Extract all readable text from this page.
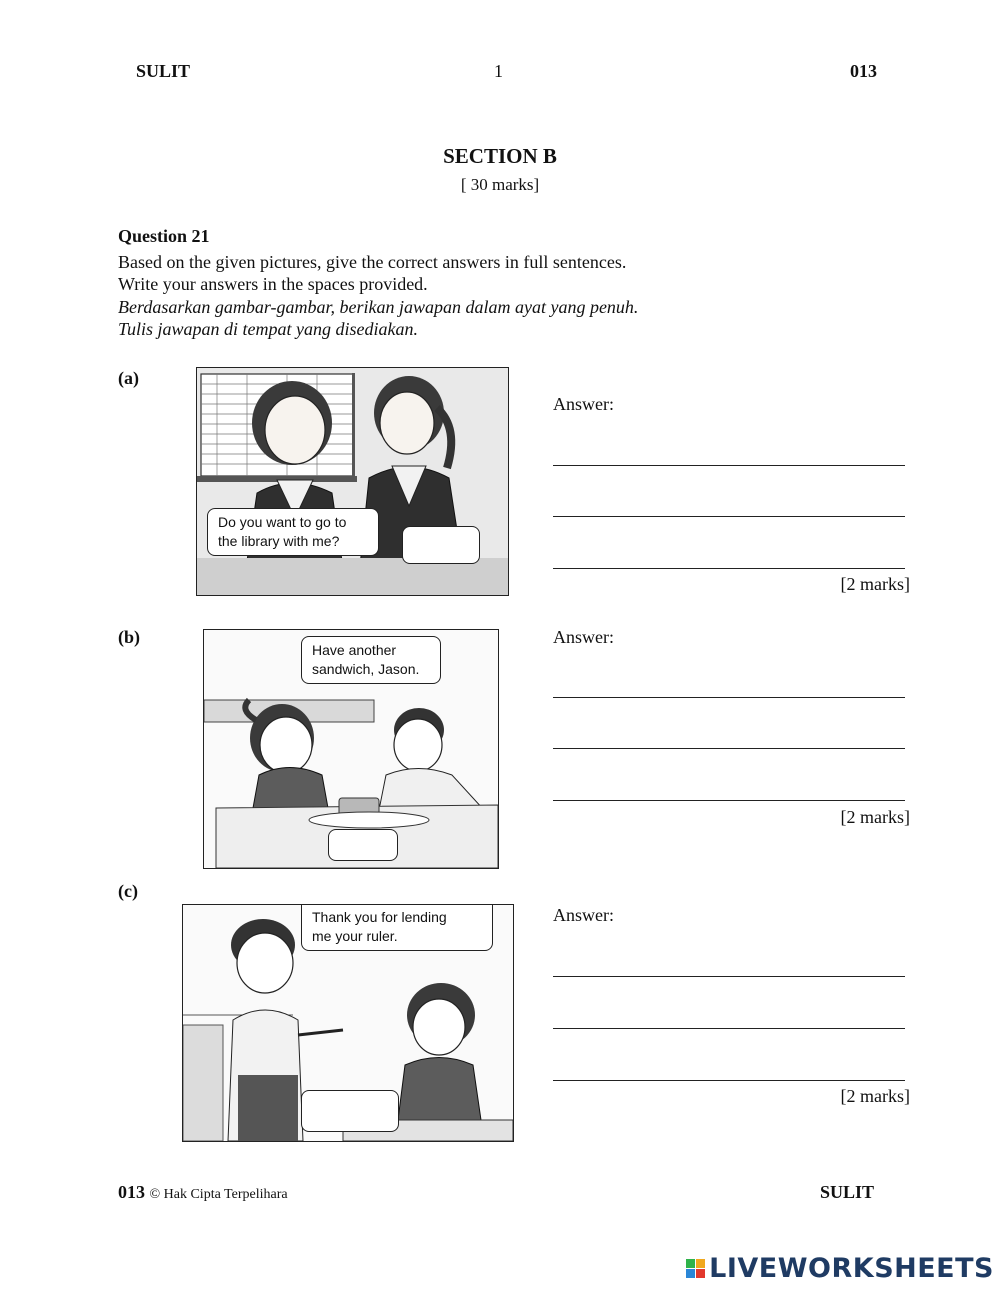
SULIT	1	013
SECTION B
[ 30 marks]
Question 21
Based on the given pictures, give the correct answers in full sentences.
Write your answers in the spaces provided.
Berdasarkan gambar-gambar, berikan jawapan dalam ayat yang penuh.
Tulis jawapan di tempat yang disediakan.
(a)
Do you want to go to
the library with me?
Answer:
[2 marks]
(b)
Have another
sandwich, Jason.
Answer:
[2 marks]
(c)
Thank you for lending
me your ruler.
Answer:
[2 marks]
013 © Hak Cipta Terpelihara	SULIT
LIVEWORKSHEETS
